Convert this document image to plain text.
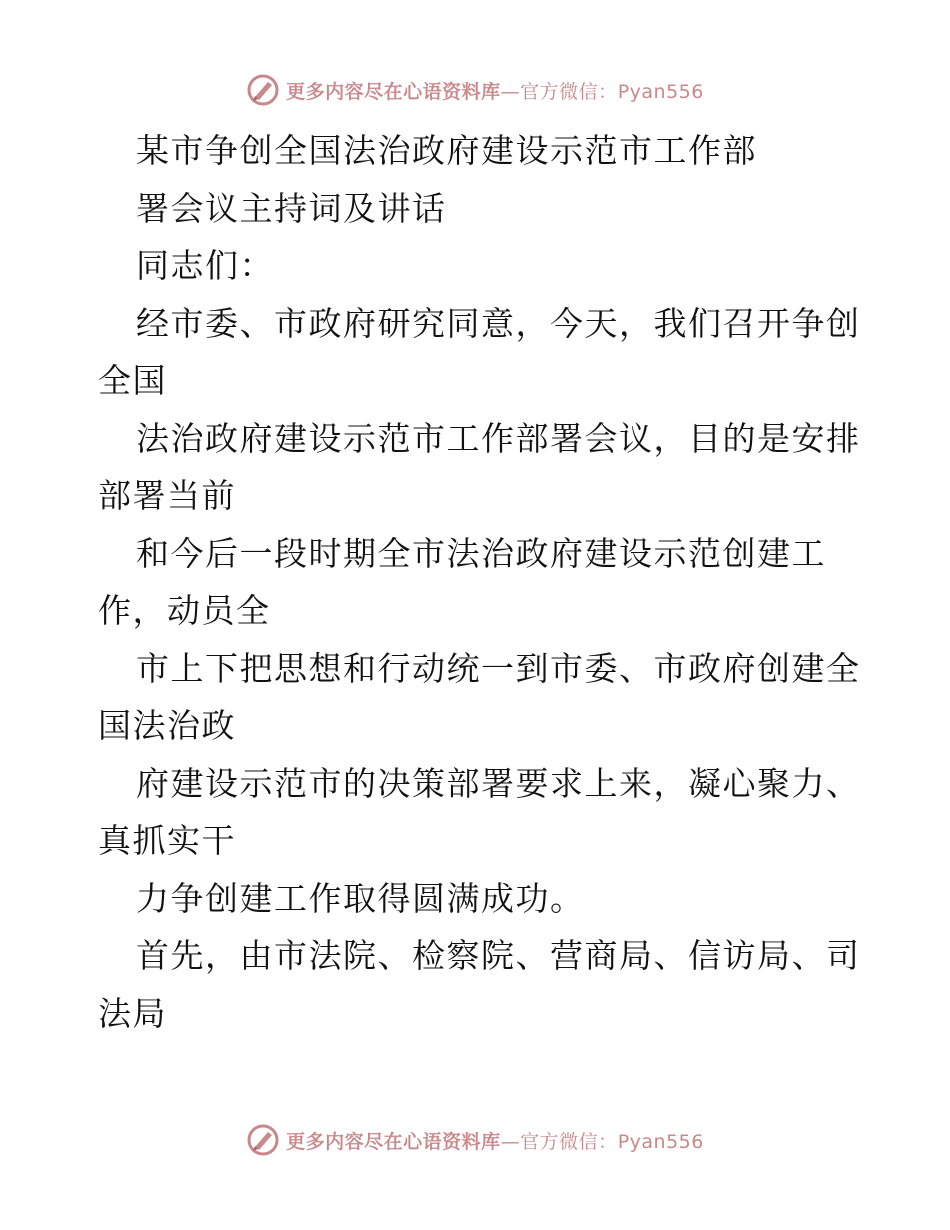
更多内容尽在心语资料库—官方微信：Pyan556
某市争创全国法治政府建设示范市工作部
署会议主持词及讲话
同志们：
经市委、市政府研究同意，今天，我们召开争创
全国
法治政府建设示范市工作部署会议，目的是安排
部署当前
和今后一段时期全市法治政府建设示范创建工
作，动员全
市上下把思想和行动统一到市委、市政府创建全
国法治政
府建设示范市的决策部署要求上来，凝心聚力、
真抓实干
力争创建工作取得圆满成功。
首先，由市法院、检察院、营商局、信访局、司
法局
更多内容尽在心语资料库—官方微信：Pyan556
